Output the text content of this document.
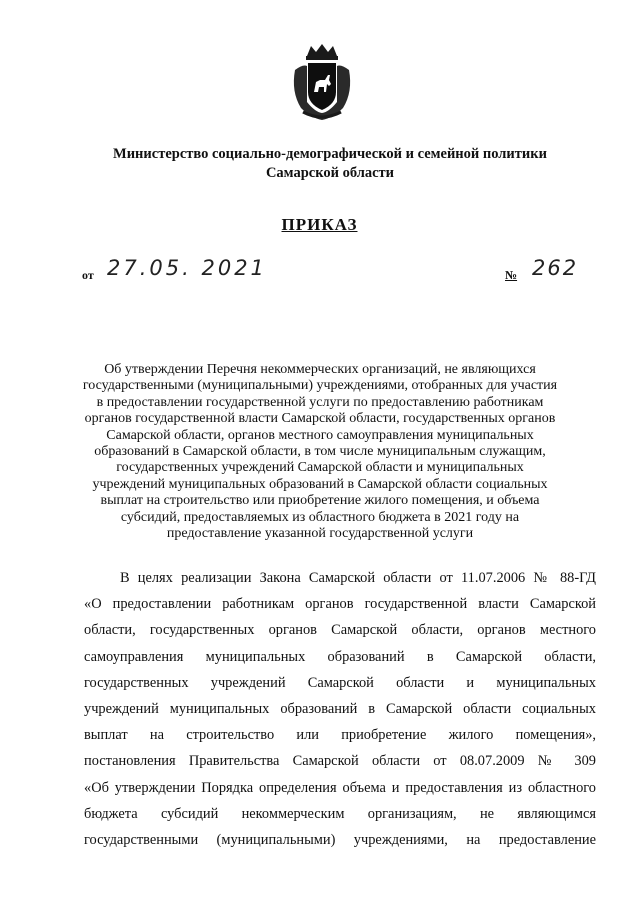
Министерство социально-демографической и семейной политики
Самарской области
ПРИКАЗ
от 27.05. 2021	№ 262
Об утверждении Перечня некоммерческих организаций, не являющихся
государственными (муниципальными) учреждениями, отобранных для участия
в предоставлении государственной услуги по предоставлению работникам
органов государственной власти Самарской области, государственных органов
Самарской области, органов местного самоуправления муниципальных
образований в Самарской области, в том числе муниципальным служащим,
государственных учреждений Самарской области и муниципальных
учреждений муниципальных образований в Самарской области социальных
выплат на строительство или приобретение жилого помещения, и объема
субсидий, предоставляемых из областного бюджета в 2021 году на
предоставление указанной государственной услуги
В целях реализации Закона Самарской области от 11.07.2006 № 88-ГД
«О предоставлении работникам органов государственной власти Самарской
области, государственных органов Самарской области, органов местного
самоуправления муниципальных образований в Самарской области,
государственных учреждений Самарской области и муниципальных
учреждений муниципальных образований в Самарской области социальных
выплат на строительство или приобретение жилого помещения»,
постановления Правительства Самарской области от 08.07.2009 № 309
«Об утверждении Порядка определения объема и предоставления из областного
бюджета субсидий некоммерческим организациям, не являющимся
государственными (муниципальными) учреждениями, на предоставление
